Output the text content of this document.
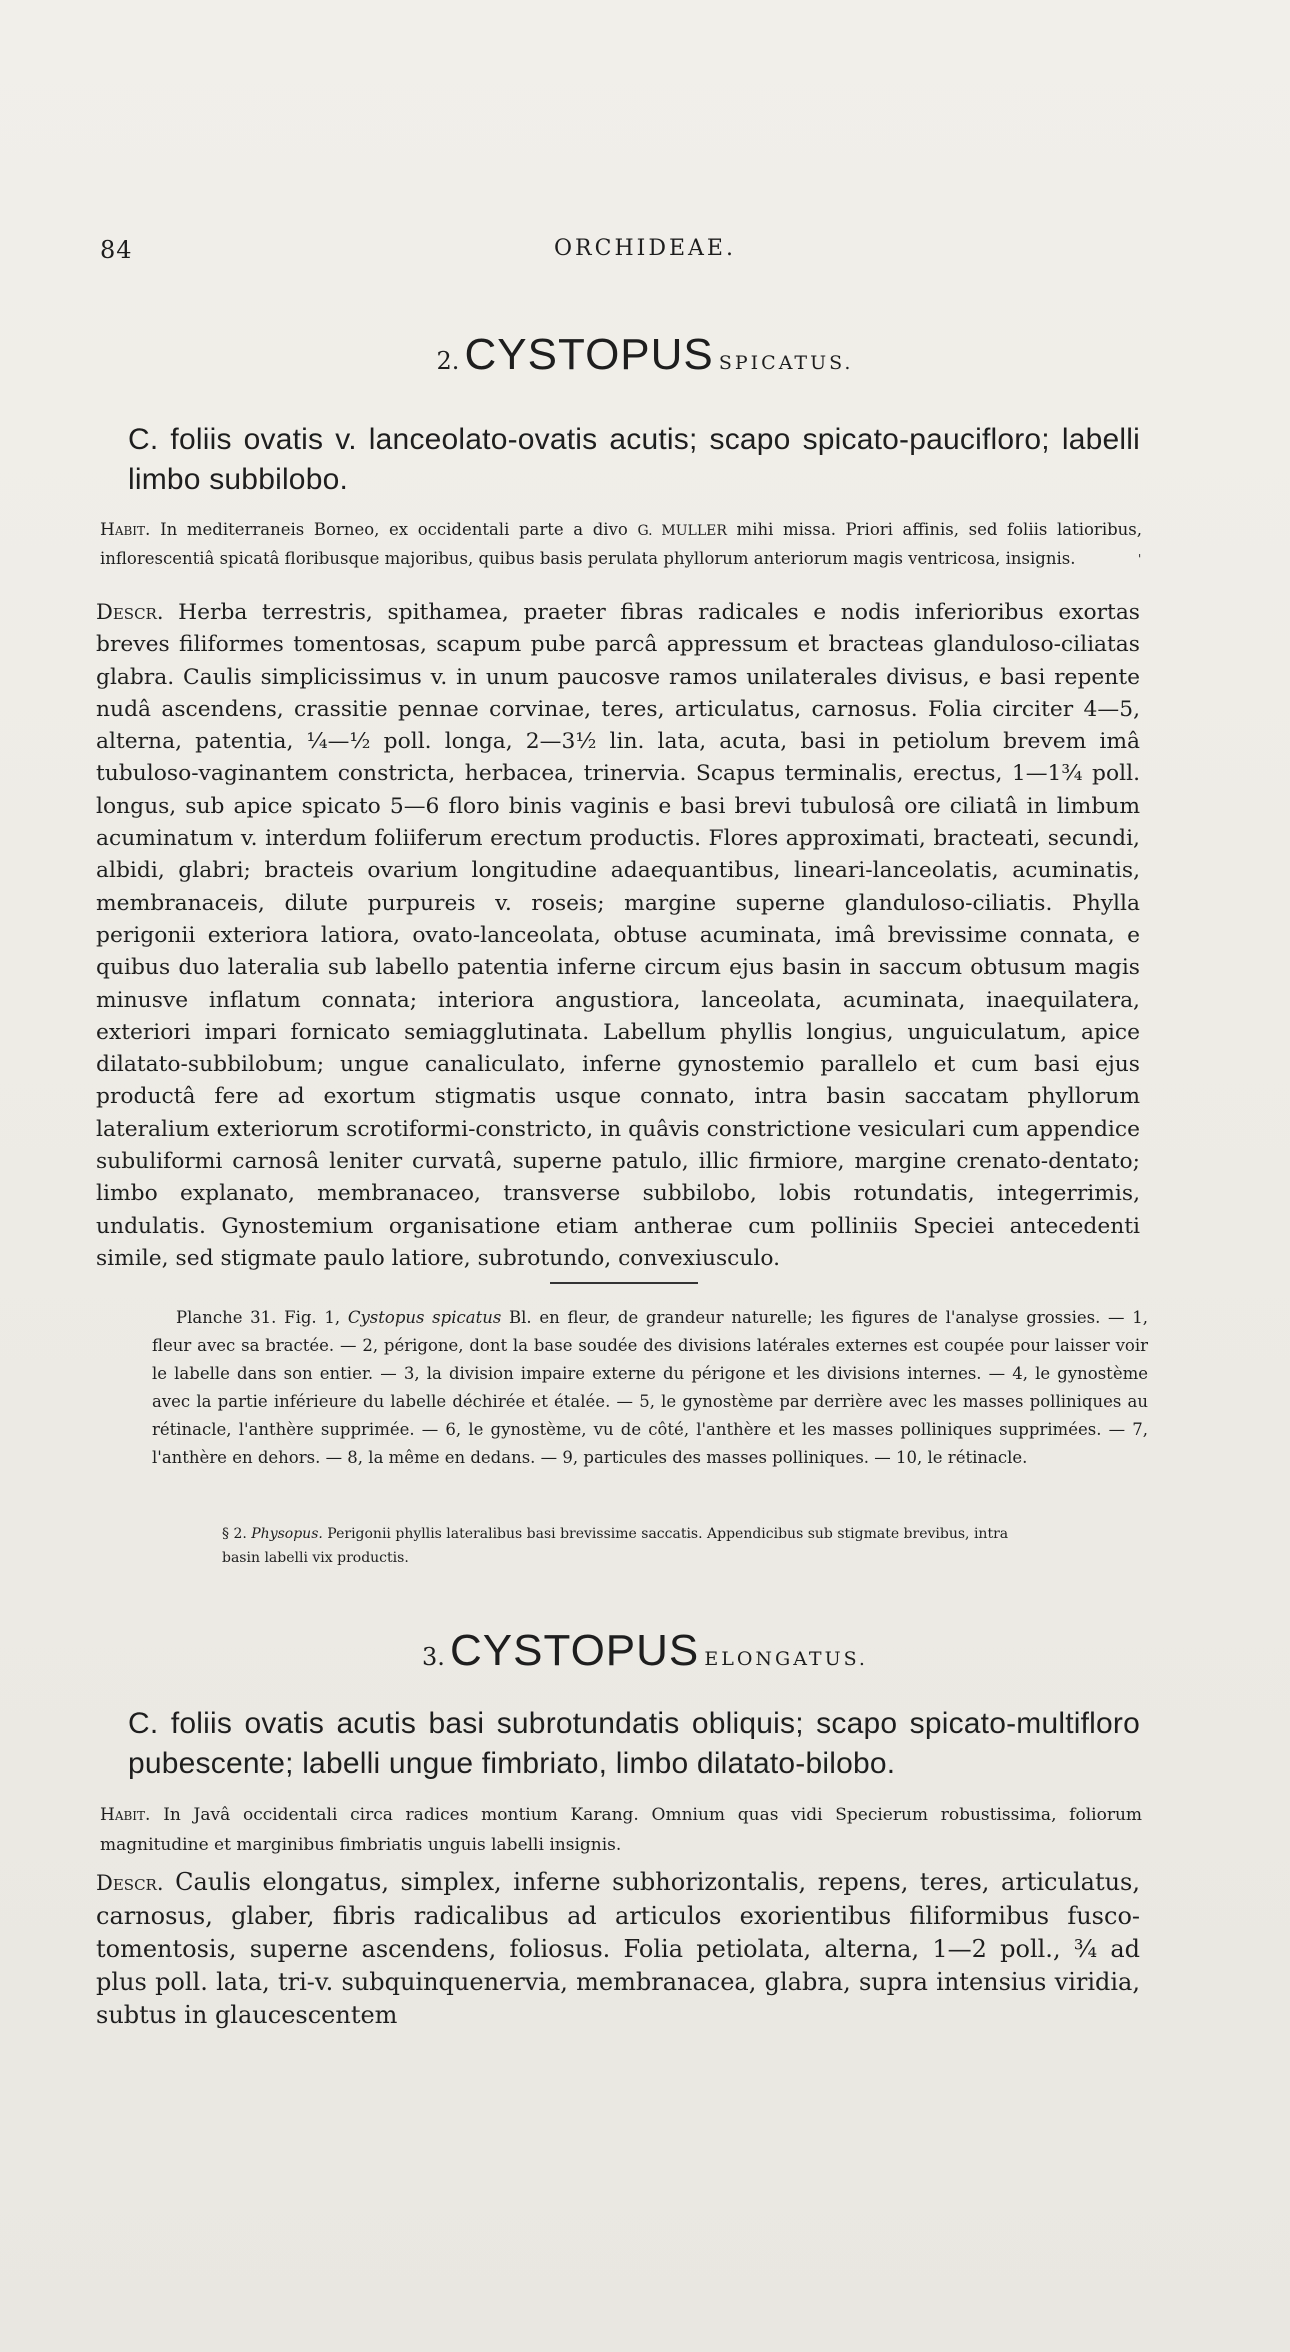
84	ORCHIDEAE.
2. CYSTOPUS SPICATUS.

C. foliis ovatis v. lanceolato-ovatis acutis; scapo spicato-paucifloro; labelli limbo subbilobo.

Habit. In mediterraneis Borneo, ex occidentali parte a divo G. MULLER mihi missa. Priori affinis, sed foliis latioribus, inflorescentiâ spicatâ floribusque majoribus, quibus basis perulata phyllorum anteriorum magis ventricosa, insignis.	'
Descr. Herba terrestris, spithamea, praeter fibras radicales e nodis inferioribus exortas breves filiformes tomentosas, scapum pube parcâ appressum et bracteas glanduloso-ciliatas glabra. Caulis simplicissimus v. in unum paucosve ramos unilaterales divisus, e basi repente nudâ ascendens, crassitie pennae corvinae, teres, articulatus, carnosus. Folia circiter 4—5, alterna, patentia, ¼—½ poll. longa, 2—3½ lin. lata, acuta, basi in petiolum brevem imâ tubuloso-vaginantem constricta, herbacea, trinervia. Scapus terminalis, erectus, 1—1¾ poll. longus, sub apice spicato 5—6 floro binis vaginis e basi brevi tubulosâ ore ciliatâ in limbum acuminatum v. interdum foliiferum erectum productis. Flores approximati, bracteati, secundi, albidi, glabri; bracteis ovarium longitudine adaequantibus, lineari-lanceolatis, acuminatis, membranaceis, dilute purpureis v. roseis; margine superne glanduloso-ciliatis. Phylla perigonii exteriora latiora, ovato-lanceolata, obtuse acuminata, imâ brevissime connata, e quibus duo lateralia sub labello patentia inferne circum ejus basin in saccum obtusum magis minusve inflatum connata; interiora angustiora, lanceolata, acuminata, inaequilatera, exteriori impari fornicato semiagglutinata. Labellum phyllis longius, unguiculatum, apice dilatato-subbilobum; ungue canaliculato, inferne gynostemio parallelo et cum basi ejus productâ fere ad exortum stigmatis usque connato, intra basin saccatam phyllorum lateralium exteriorum scrotiformi-constricto, in quâvis constrictione vesiculari cum appendice subuliformi carnosâ leniter curvatâ, superne patulo, illic firmiore, margine crenato-dentato; limbo explanato, membranaceo, transverse subbilobo, lobis rotundatis, integerrimis, undulatis. Gynostemium organisatione etiam antherae cum polliniis Speciei antecedenti simile, sed stigmate paulo latiore, subrotundo, convexiusculo.
Planche 31. Fig. 1, Cystopus spicatus Bl. en fleur, de grandeur naturelle; les figures de l'analyse grossies. — 1, fleur avec sa bractée. — 2, périgone, dont la base soudée des divisions latérales externes est coupée pour laisser voir le labelle dans son entier. — 3, la division impaire externe du périgone et les divisions internes. — 4, le gynostème avec la partie inférieure du labelle déchirée et étalée. — 5, le gynostème par derrière avec les masses polliniques au rétinacle, l'anthère supprimée. — 6, le gynostème, vu de côté, l'anthère et les masses polliniques supprimées. — 7, l'anthère en dehors. — 8, la même en dedans. — 9, particules des masses polliniques. — 10, le rétinacle.
§ 2. Physopus. Perigonii phyllis lateralibus basi brevissime saccatis. Appendicibus sub stigmate brevibus, intra basin labelli vix productis.
3. CYSTOPUS ELONGATUS.

C. foliis ovatis acutis basi subrotundatis obliquis; scapo spicato-multifloro pubescente; labelli ungue fimbriato, limbo dilatato-bilobo.

Habit. In Javâ occidentali circa radices montium Karang. Omnium quas vidi Specierum robustissima, foliorum magnitudine et marginibus fimbriatis unguis labelli insignis.
Descr. Caulis elongatus, simplex, inferne subhorizontalis, repens, teres, articulatus, carnosus, glaber, fibris radicalibus ad articulos exorientibus filiformibus fusco-tomentosis, superne ascendens, foliosus. Folia petiolata, alterna, 1—2 poll., ¾ ad plus poll. lata, tri-v. subquinquenervia, membranacea, glabra, supra intensius viridia, subtus in glaucescentem
